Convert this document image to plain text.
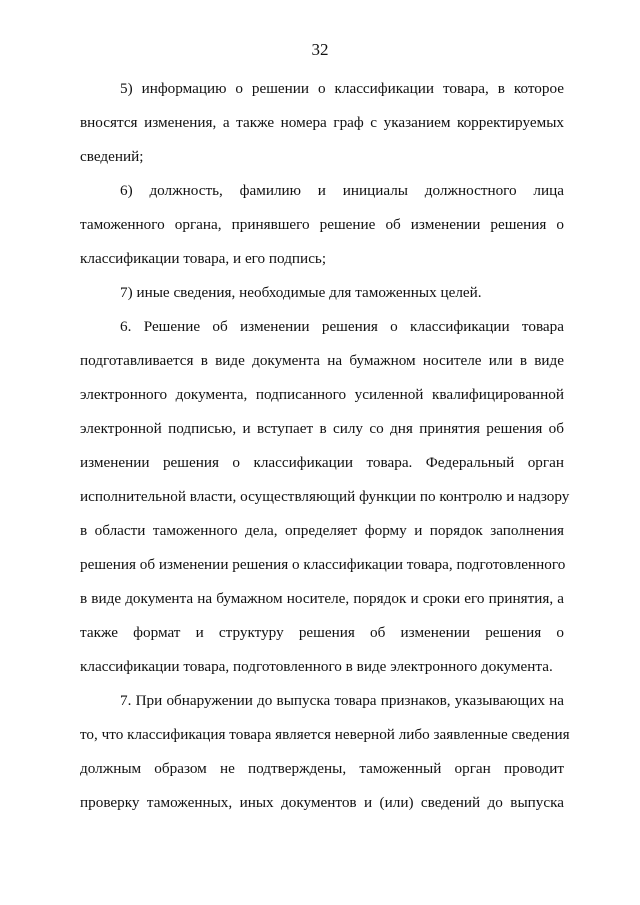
32
5) информацию о решении о классификации товара, в которое
вносятся изменения, а также номера граф с указанием корректируемых
сведений;
6) должность, фамилию и инициалы должностного лица
таможенного органа, принявшего решение об изменении решения о
классификации товара, и его подпись;
7) иные сведения, необходимые для таможенных целей.
6. Решение об изменении решения о классификации товара
подготавливается в виде документа на бумажном носителе или в виде
электронного документа, подписанного усиленной квалифицированной
электронной подписью, и вступает в силу со дня принятия решения об
изменении решения о классификации товара. Федеральный орган
исполнительной власти, осуществляющий функции по контролю и надзору
в области таможенного дела, определяет форму и порядок заполнения
решения об изменении решения о классификации товара, подготовленного
в виде документа на бумажном носителе, порядок и сроки его принятия, а
также формат и структуру решения об изменении решения о
классификации товара, подготовленного в виде электронного документа.
7. При обнаружении до выпуска товара признаков, указывающих на
то, что классификация товара является неверной либо заявленные сведения
должным образом не подтверждены, таможенный орган проводит
проверку таможенных, иных документов и (или) сведений до выпуска
